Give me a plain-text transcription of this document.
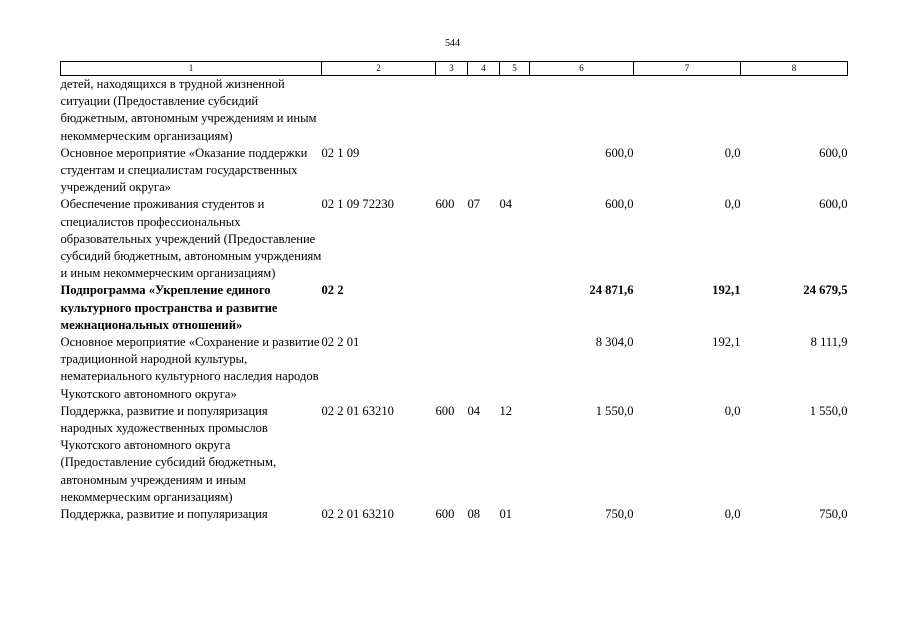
544
1	2	3	4	5	6	7	8
детей, находящихся в трудной жизненной ситуации (Предоставление субсидий бюджетным, автономным учреждениям и иным некоммерческим организациям)							
Основное мероприятие «Оказание поддержки студентам и специалистам государственных учреждений округа»	02 1 09				600,0	0,0	600,0
Обеспечение проживания студентов и специалистов профессиональных образовательных учреждений (Предоставление субсидий бюджетным, автономным учрждениям и иным некоммерческим организациям)	02 1 09 72230	600	07	04	600,0	0,0	600,0
Подпрограмма «Укрепление единого культурного пространства и развитие межнациональных отношений»	02 2				24 871,6	192,1	24 679,5
Основное мероприятие «Сохранение и развитие традиционной народной культуры, нематериального культурного наследия народов Чукотского автономного округа»	02 2 01				8 304,0	192,1	8 111,9
Поддержка, развитие и популяризация народных художественных промыслов Чукотского автономного округа (Предоставление субсидий бюджетным, автономным учреждениям и иным некоммерческим организациям)	02 2 01 63210	600	04	12	1 550,0	0,0	1 550,0
Поддержка, развитие и популяризация	02 2 01 63210	600	08	01	750,0	0,0	750,0
